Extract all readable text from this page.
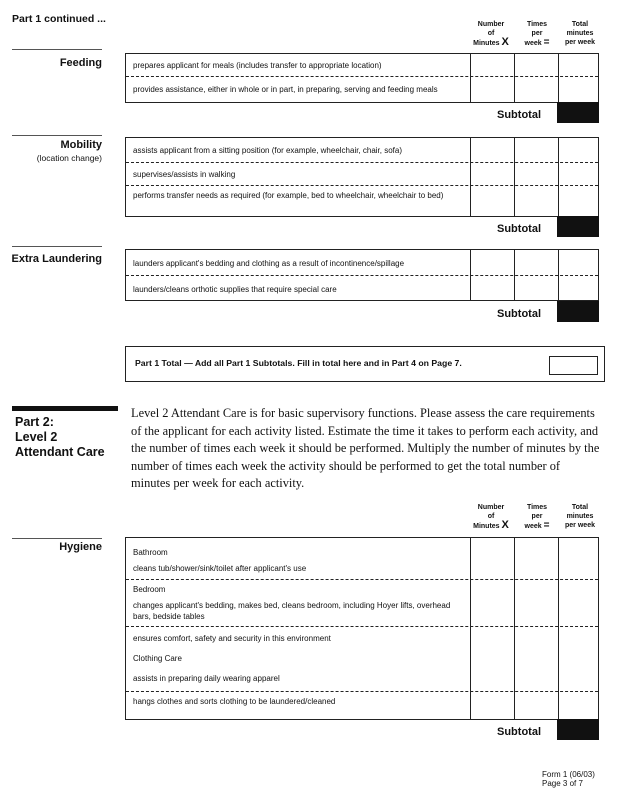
Part 1 continued ...	Number
of
Minutes X
Times
per
week =
Total
minutes
per week
Feeding	prepares applicant for meals (includes transfer to appropriate location)
provides assistance, either in whole or in part, in preparing, serving and feeding meals
Subtotal
Mobility
(location change)
assists applicant from a sitting position (for example, wheelchair, chair, sofa)
supervises/assists in walking
performs transfer needs as required (for example, bed to wheelchair, wheelchair to bed)
Subtotal
Extra Laundering	launders applicant's bedding and clothing as a result of incontinence/spillage
launders/cleans orthotic supplies that require special care
Subtotal
Part 1 Total — Add all Part 1 Subtotals. Fill in total here and in Part 4 on Page 7.
Part 2:
Level 2
Attendant Care
Level 2 Attendant Care is for basic supervisory functions. Please assess the care requirements of the applicant for each activity listed. Estimate the time it takes to perform each activity, and the number of times each week it should be performed. Multiply the number of minutes by the number of times each week the activity should be performed to get the total number of minutes per week for each activity.
Number
of
Minutes X
Times
per
week =
Total
minutes
per week
Hygiene	Bathroom
cleans tub/shower/sink/toilet after applicant's use
Bedroom
changes applicant's bedding, makes bed, cleans bedroom, including Hoyer lifts, overhead bars, bedside tables
ensures comfort, safety and security in this environment
Clothing Care
assists in preparing daily wearing apparel
hangs clothes and sorts clothing to be laundered/cleaned
Subtotal
Form 1 (06/03)
Page 3 of 7
